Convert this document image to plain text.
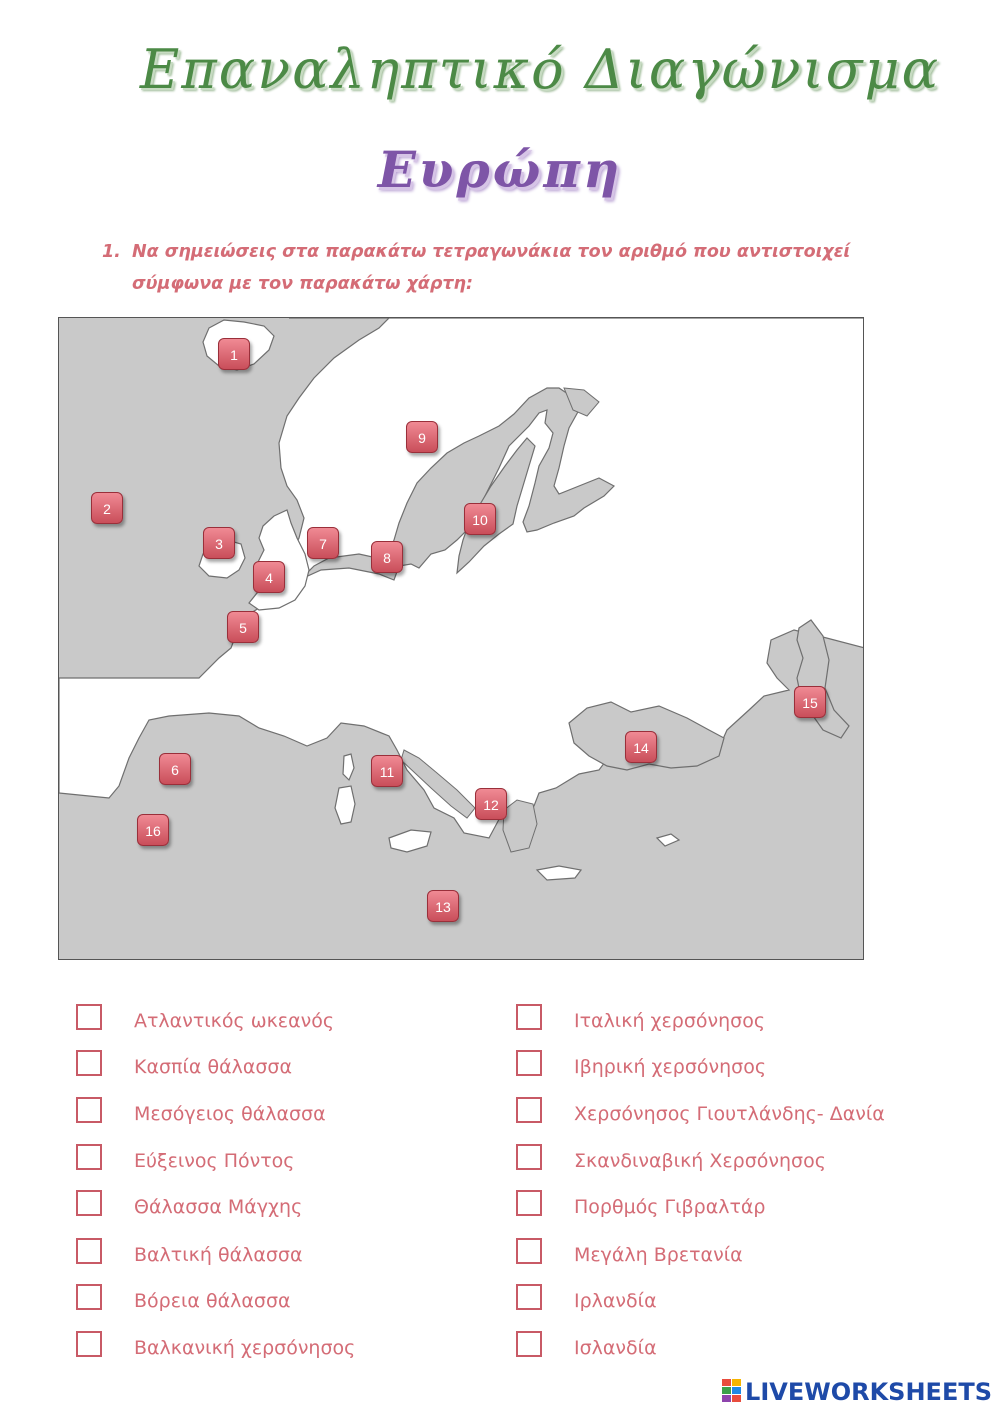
Επαναληπτικό Διαγώνισμα
Ευρώπη
1. Να σημειώσεις στα παρακάτω τετραγωνάκια τον αριθμό που αντιστοιχεί
σύμφωνα με τον παρακάτω χάρτη:
1
2
3
4
5
6
7
8
9
10
11
12
13
14
15
16
Ατλαντικός ωκεανός
Κασπία θάλασσα
Μεσόγειος θάλασσα
Εύξεινος Πόντος
Θάλασσα Μάγχης
Βαλτική θάλασσα
Βόρεια θάλασσα
Βαλκανική χερσόνησος
Ιταλική χερσόνησος
Ιβηρική χερσόνησος
Χερσόνησος Γιουτλάνδης- Δανία
Σκανδιναβική Χερσόνησος
Πορθμός Γιβραλτάρ
Μεγάλη Βρετανία
Ιρλανδία
Ισλανδία
LIVEWORKSHEETS
